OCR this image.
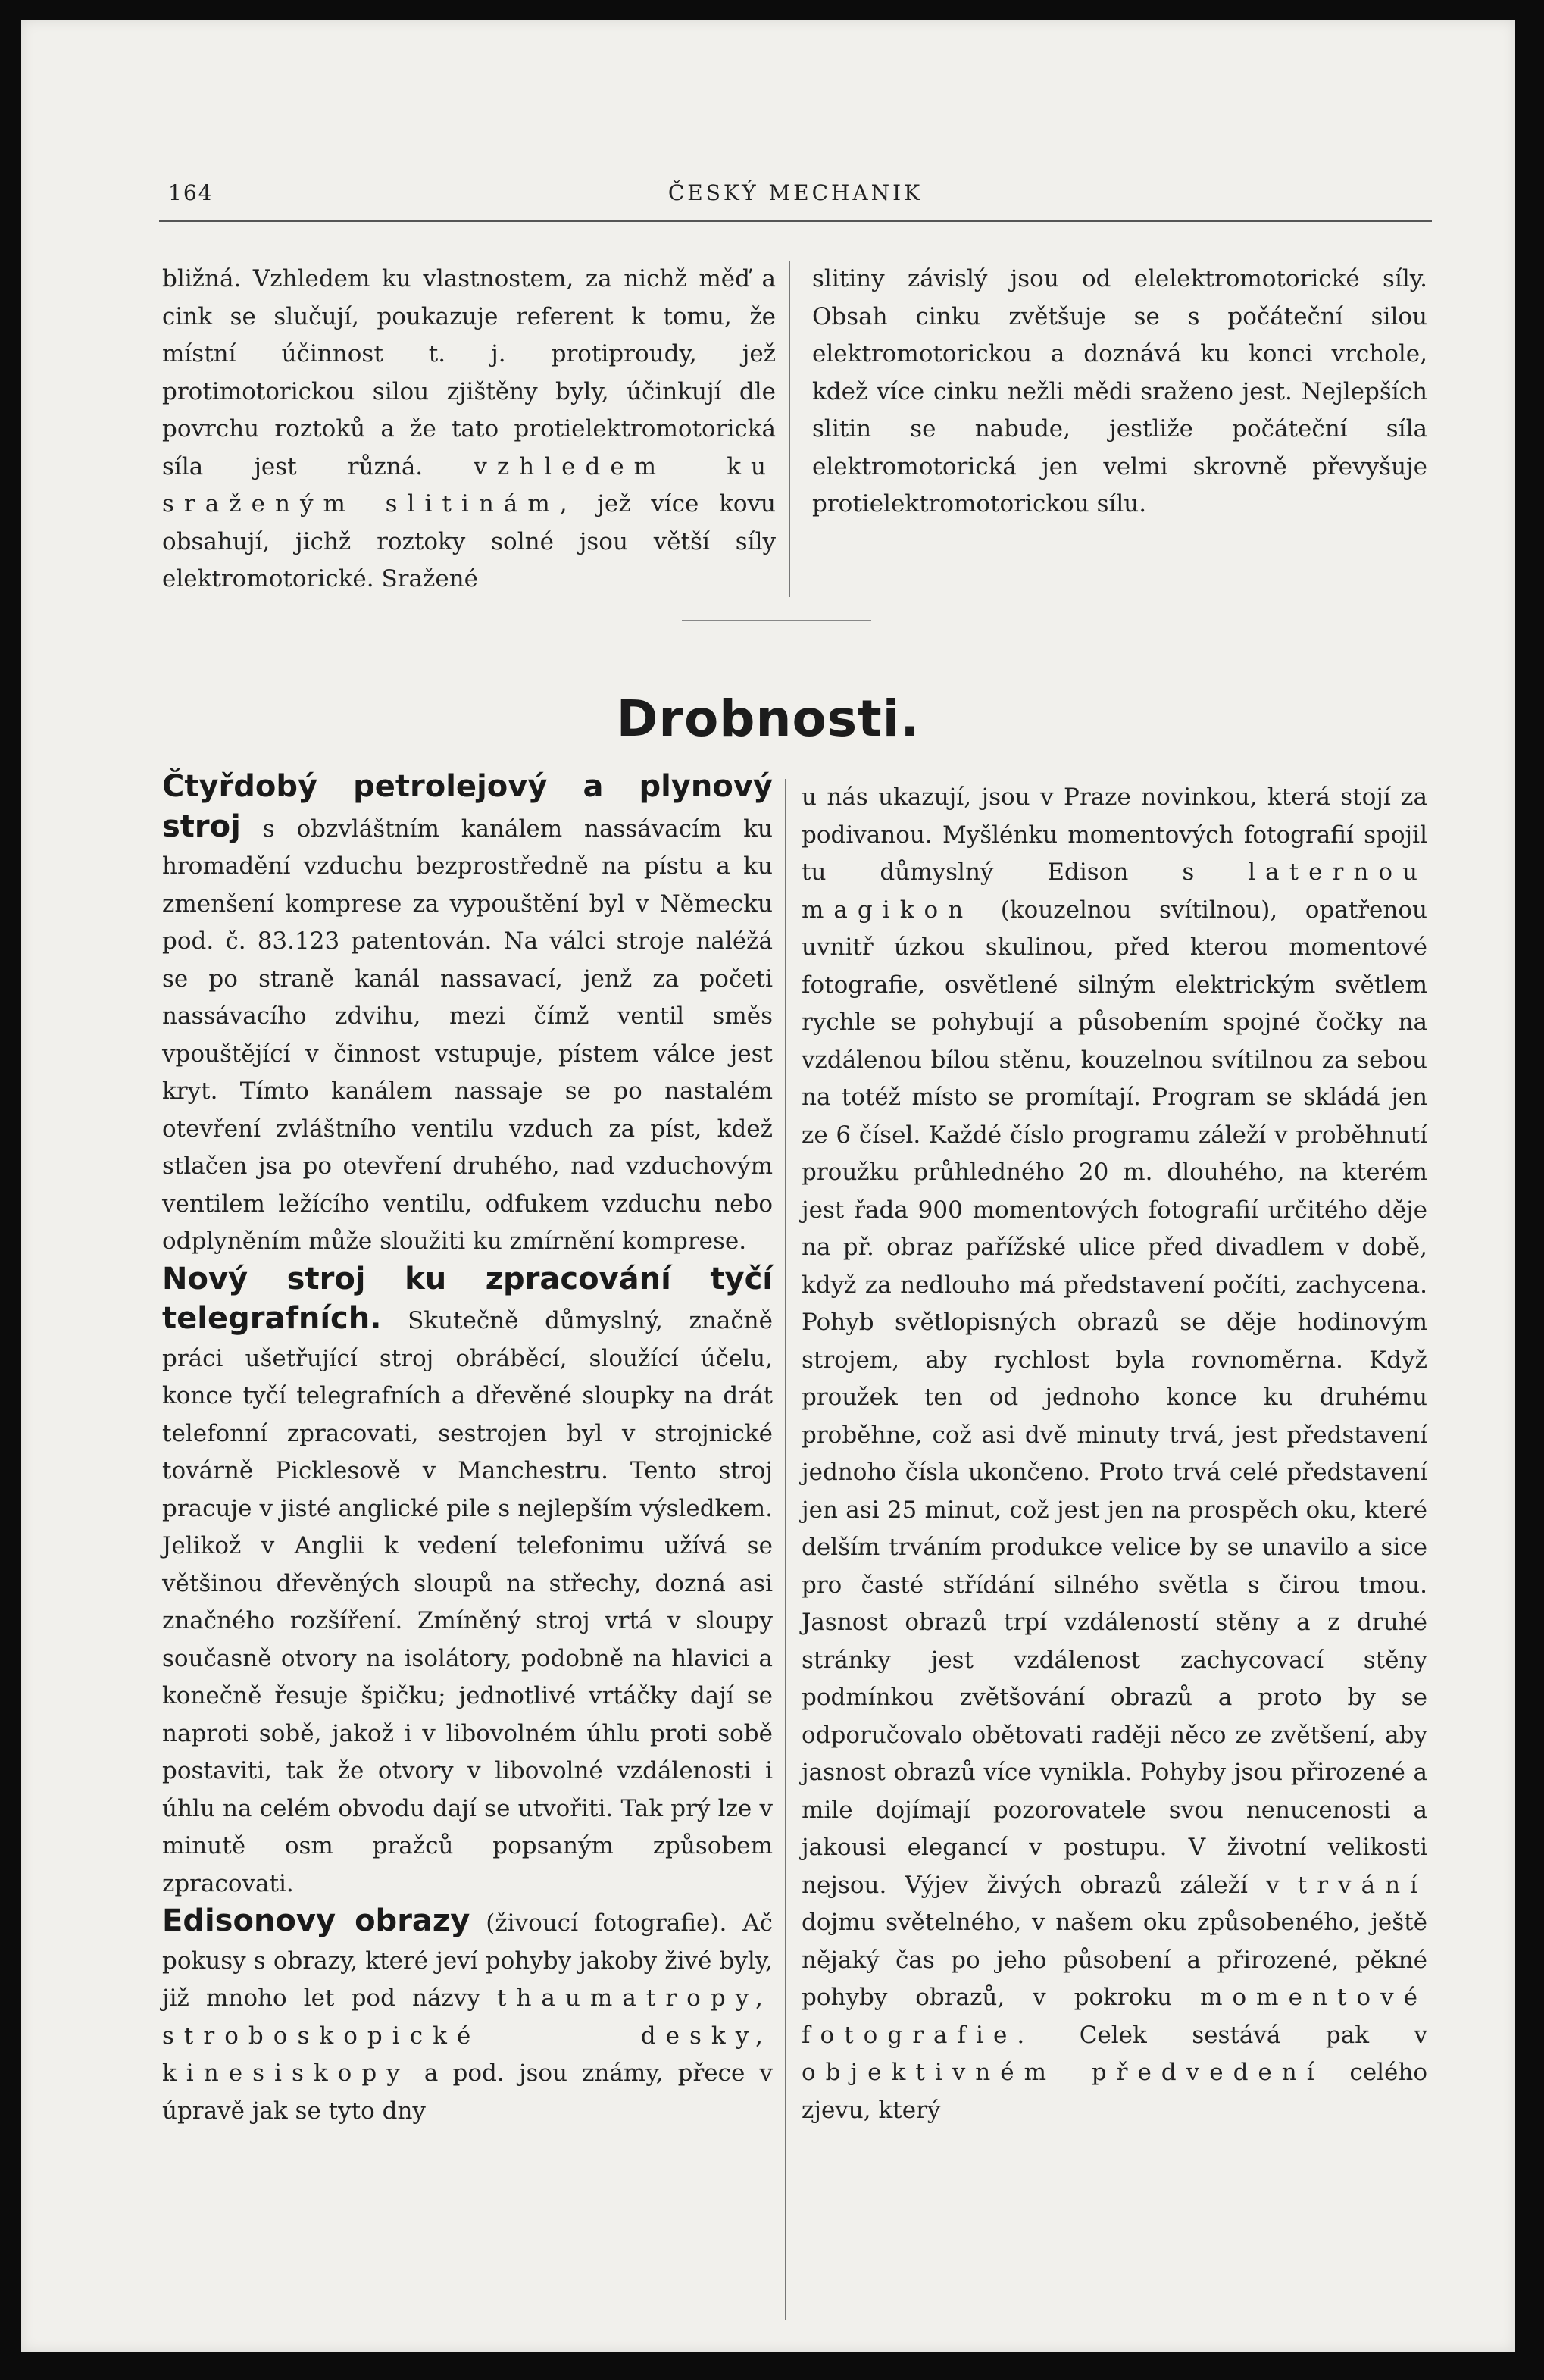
164	ČESKÝ MECHANIK

bližná. Vzhledem ku vlastnostem, za nichž měď a cink se slučují, poukazuje referent k tomu, že místní účinnost t. j. protiproudy, jež protimotorickou silou zjištěny byly, účinkují dle povrchu roztoků a že tato protielektromotorická síla jest různá. vzhledem ku sraženým slitinám, jež více kovu obsahují, jichž roztoky solné jsou větší síly elektromotorické. Sražené

slitiny závislý jsou od elelektromotorické síly. Obsah cinku zvětšuje se s počáteční silou elektromotorickou a doznává ku konci vrchole, kdež více cinku nežli mědi sraženo jest. Nejlepších slitin se nabude, jestliže počáteční síla elektromotorická jen velmi skrovně převyšuje protielektromotorickou sílu.

Drobnosti.

Čtyřdobý petrolejový a plynový stroj s obzvláštním kanálem nassávacím ku hromadění vzduchu bezprostředně na pístu a ku zmenšení komprese za vypouštění byl v Německu pod. č. 83.123 patentován. Na válci stroje naléžá se po straně kanál nassavací, jenž za početi nassávacího zdvihu, mezi čímž ventil směs vpouštějící v činnost vstupuje, pístem válce jest kryt. Tímto kanálem nassaje se po nastalém otevření zvláštního ventilu vzduch za píst, kdež stlačen jsa po otevření druhého, nad vzduchovým ventilem ležícího ventilu, odfukem vzduchu nebo odplyněním může sloužiti ku zmírnění komprese.

Nový stroj ku zpracování tyčí telegrafních. Skutečně důmyslný, značně práci ušetřující stroj obráběcí, sloužící účelu, konce tyčí telegrafních a dřevěné sloupky na drát telefonní zpracovati, sestrojen byl v strojnické továrně Picklesově v Manchestru. Tento stroj pracuje v jisté anglické pile s nejlepším výsledkem. Jelikož v Anglii k vedení telefonimu užívá se většinou dřevěných sloupů na střechy, dozná asi značného rozšíření. Zmíněný stroj vrtá v sloupy současně otvory na isolátory, podobně na hlavici a konečně řesuje špičku; jednotlivé vrtáčky dají se naproti sobě, jakož i v libovolném úhlu proti sobě postaviti, tak že otvory v libovolné vzdálenosti i úhlu na celém obvodu dají se utvořiti. Tak prý lze v minutě osm pražců popsaným způsobem zpracovati.

Edisonovy obrazy (živoucí fotografie). Ač pokusy s obrazy, které jeví pohyby jakoby živé byly, již mnoho let pod názvy thaumatropy, stroboskopické desky, kinesiskopy a pod. jsou známy, přece v úpravě jak se tyto dny

u nás ukazují, jsou v Praze novinkou, která stojí za podivanou. Myšlénku momentových fotografií spojil tu důmyslný Edison s laternou magikon (kouzelnou svítilnou), opatřenou uvnitř úzkou skulinou, před kterou momentové fotografie, osvětlené silným elektrickým světlem rychle se pohybují a působením spojné čočky na vzdálenou bílou stěnu, kouzelnou svítilnou za sebou na totéž místo se promítají. Program se skládá jen ze 6 čísel. Každé číslo programu záleží v proběhnutí proužku průhledného 20 m. dlouhého, na kterém jest řada 900 momentových fotografií určitého děje na př. obraz pařížské ulice před divadlem v době, když za nedlouho má představení počíti, zachycena. Pohyb světlopisných obrazů se děje hodinovým strojem, aby rychlost byla rovnoměrna. Když proužek ten od jednoho konce ku druhému proběhne, což asi dvě minuty trvá, jest představení jednoho čísla ukončeno. Proto trvá celé představení jen asi 25 minut, což jest jen na prospěch oku, které delším trváním produkce velice by se unavilo a sice pro časté střídání silného světla s čirou tmou. Jasnost obrazů trpí vzdáleností stěny a z druhé stránky jest vzdálenost zachycovací stěny podmínkou zvětšování obrazů a proto by se odporučovalo obětovati raději něco ze zvětšení, aby jasnost obrazů více vynikla. Pohyby jsou přirozené a mile dojímají pozorovatele svou nenucenosti a jakousi elegancí v postupu. V životní velikosti nejsou. Výjev živých obrazů záleží v trvání dojmu světelného, v našem oku způsobeného, ještě nějaký čas po jeho působení a přirozené, pěkné pohyby obrazů, v pokroku momentové fotografie. Celek sestává pak v objektivném předvedení celého zjevu, který
